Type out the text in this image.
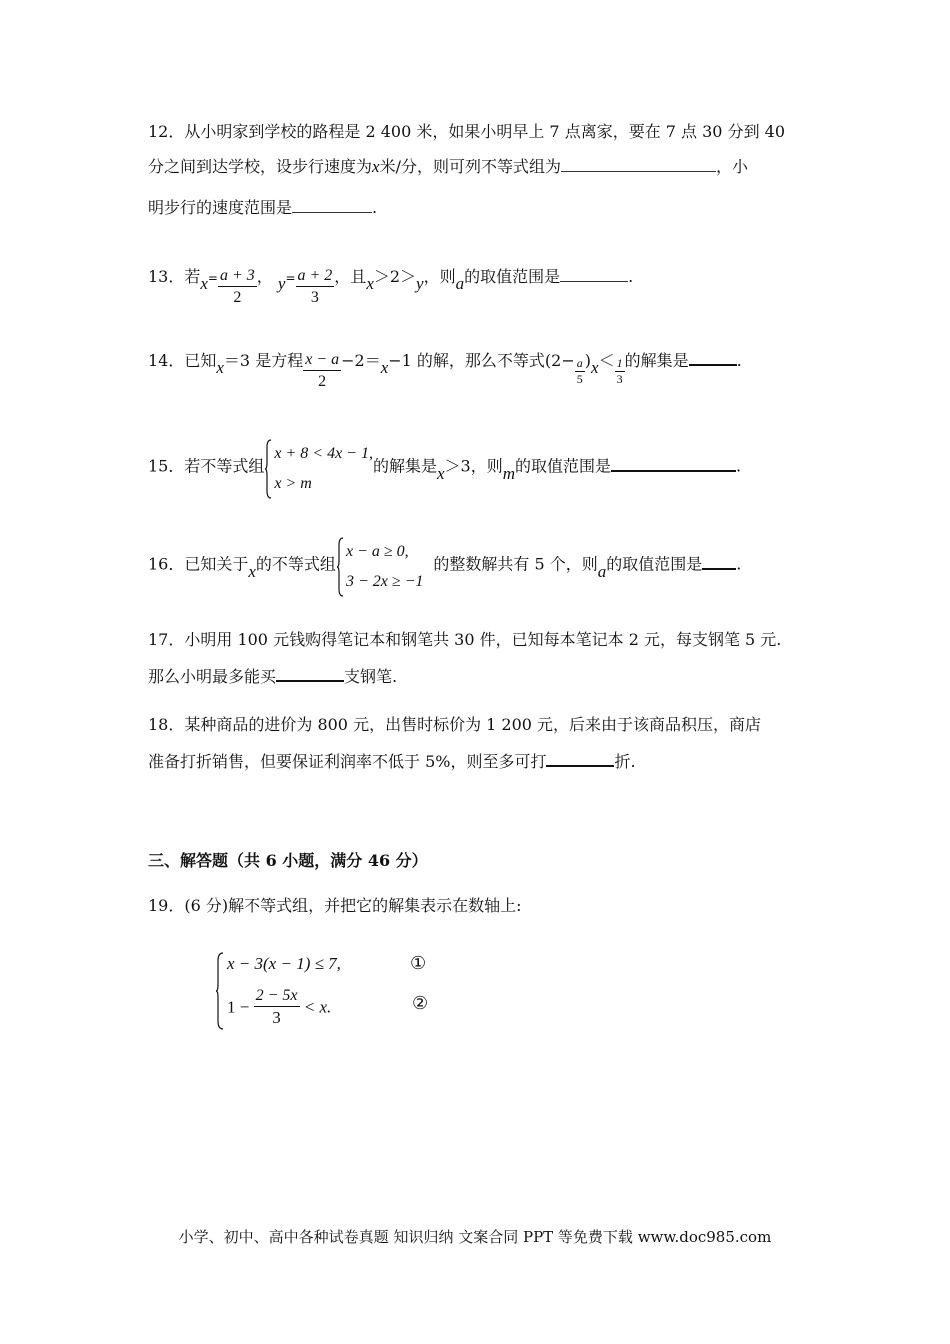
12．从小明家到学校的路程是 2 400 米，如果小明早上 7 点离家，要在 7 点 30 分到 40
分之间到达学校，设步行速度为x米/分，则可列不等式组为	，小
明步行的速度范围是	.
13．若$x= \frac{a + 3}{2}$ ， $y= \frac{a + 2}{3}$ ，且x＞2＞y，则a的取值范围是	.
14．已知x＝3 是方程 $\frac{x - a}{2} -2=x-1$ 的解，那么不等式$(2- \frac{a}{5} )x< \frac{1}{3}$ 的解集是	.
15．若不等式组
x + 8 < 4x − 1,
x > m
的解集是x＞3，则m的取值范围是	.
16．已知关于x的不等式组
x − a ≥ 0,
3 − 2x ≥ −1
的整数解共有 5 个，则a的取值范围是 .
17．小明用 100 元钱购得笔记本和钢笔共 30 件，已知每本笔记本 2 元，每支钢笔 5 元.
那么小明最多能买	支钢笔.
18．某种商品的进价为 800 元，出售时标价为 1 200 元，后来由于该商品积压，商店
准备打折销售，但要保证利润率不低于 5%，则至多可打	折.
三、解答题（共 6 小题，满分 46 分）
19．(6 分)解不等式组，并把它的解集表示在数轴上:
x − 3(x − 1) ≤ 7,
$1 - \frac{2 - 5x}{3} < x$.
①
②
小学、初中、高中各种试卷真题 知识归纳 文案合同 PPT 等免费下载 www.doc985.com
